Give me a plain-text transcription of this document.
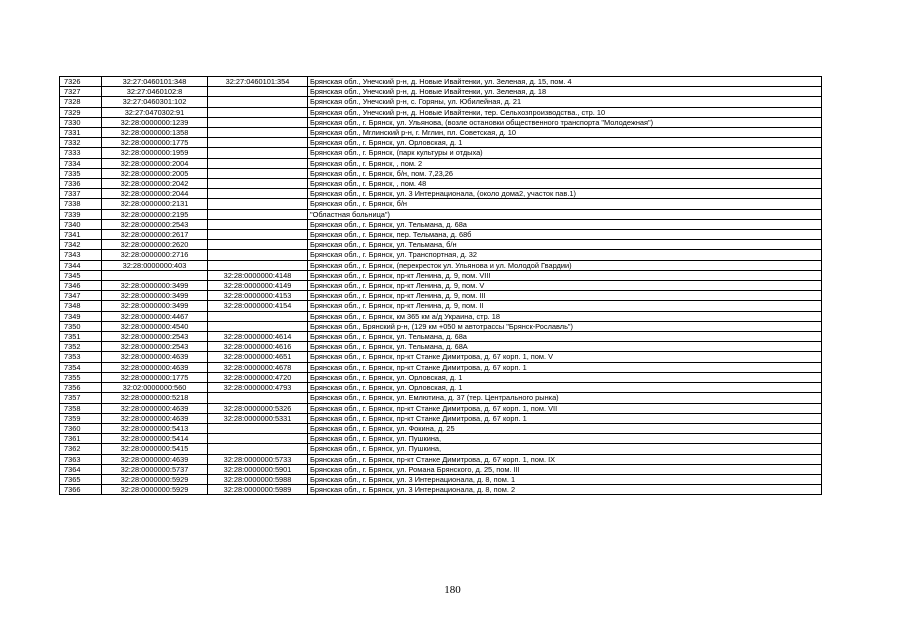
7326	32:27:0460101:348	32:27:0460101:354	Брянская обл., Унечский р-н, д. Новые Ивайтенки, ул. Зеленая, д. 15, пом. 4
7327	32:27:0460102:8		Брянская обл., Унечский р-н, д. Новые Ивайтенки, ул. Зеленая, д. 18
7328	32:27:0460301:102		Брянская обл., Унечский р-н, с. Горяны, ул. Юбилейная, д. 21
7329	32:27:0470302:91		Брянская обл., Унечский р-н, д. Новые Ивайтенки, тер. Сельхозпроизводства., стр. 10
7330	32:28:0000000:1239		Брянская обл., г. Брянск, ул. Ульянова, (возле остановки общественного транспорта "Молодежная")
7331	32:28:0000000:1358		Брянская обл., Мглинский р-н, г. Мглин, пл. Советская, д. 10
7332	32:28:0000000:1775		Брянская обл., г. Брянск, ул. Орловская, д. 1
7333	32:28:0000000:1959		Брянская обл., г. Брянск, (парк культуры и отдыха)
7334	32:28:0000000:2004		Брянская обл., г. Брянск, , пом. 2
7335	32:28:0000000:2005		Брянская обл., г. Брянск, б/н, пом. 7,23,26
7336	32:28:0000000:2042		Брянская обл., г. Брянск, , пом. 48
7337	32:28:0000000:2044		Брянская обл., г. Брянск, ул. 3 Интернационала, (около дома2, участок пав.1)
7338	32:28:0000000:2131		Брянская обл., г. Брянск, б/н
7339	32:28:0000000:2195		"Областная больница")
7340	32:28:0000000:2543		Брянская обл., г. Брянск, ул. Тельмана, д. 68а
7341	32:28:0000000:2617		Брянская обл., г. Брянск, пер. Тельмана, д. 68б
7342	32:28:0000000:2620		Брянская обл., г. Брянск, ул. Тельмана, б/н
7343	32:28:0000000:2716		Брянская обл., г. Брянск, ул. Транспортная, д. 32
7344	32:28:0000000:403		Брянская обл., г. Брянск, (перекресток ул. Ульянова и ул. Молодой Гвардии)
7345		32:28:0000000:4148	Брянская обл., г. Брянск, пр-кт Ленина, д. 9, пом. VIII
7346	32:28:0000000:3499	32:28:0000000:4149	Брянская обл., г. Брянск, пр-кт Ленина, д. 9, пом. V
7347	32:28:0000000:3499	32:28:0000000:4153	Брянская обл., г. Брянск, пр-кт Ленина, д. 9, пом. III
7348	32:28:0000000:3499	32:28:0000000:4154	Брянская обл., г. Брянск, пр-кт Ленина, д. 9, пом. II
7349	32:28:0000000:4467		Брянская обл., г. Брянск, км 365 км а/д Украина, стр. 18
7350	32:28:0000000:4540		Брянская обл., Брянский р-н, (129 км +050 м автотрассы "Брянск-Рославль")
7351	32:28:0000000:2543	32:28:0000000:4614	Брянская обл., г. Брянск, ул. Тельмана, д. 68а
7352	32:28:0000000:2543	32:28:0000000:4616	Брянская обл., г. Брянск, ул. Тельмана, д. 68А
7353	32:28:0000000:4639	32:28:0000000:4651	Брянская обл., г. Брянск, пр-кт Станке Димитрова, д. 67 корп. 1, пом. V
7354	32:28:0000000:4639	32:28:0000000:4678	Брянская обл., г. Брянск, пр-кт Станке Димитрова, д. 67 корп. 1
7355	32:28:0000000:1775	32:28:0000000:4720	Брянская обл., г. Брянск, ул. Орловская, д. 1
7356	32:02:0000000:560	32:28:0000000:4793	Брянская обл., г. Брянск, ул. Орловская, д. 1
7357	32:28:0000000:5218		Брянская обл., г. Брянск, ул. Емлютина, д. 37 (тер. Центрального рынка)
7358	32:28:0000000:4639	32:28:0000000:5326	Брянская обл., г. Брянск, пр-кт Станке Димитрова, д. 67 корп. 1, пом. VII
7359	32:28:0000000:4639	32:28:0000000:5331	Брянская обл., г. Брянск, пр-кт Станке Димитрова, д. 67 корп. 1
7360	32:28:0000000:5413		Брянская обл., г. Брянск, ул. Фокина, д. 25
7361	32:28:0000000:5414		Брянская обл., г. Брянск, ул. Пушкина,
7362	32:28:0000000:5415		Брянская обл., г. Брянск, ул. Пушкина,
7363	32:28:0000000:4639	32:28:0000000:5733	Брянская обл., г. Брянск, пр-кт Станке Димитрова, д. 67 корп. 1, пом. IX
7364	32:28:0000000:5737	32:28:0000000:5901	Брянская обл., г. Брянск, ул. Романа Брянского, д. 25, пом. III
7365	32:28:0000000:5929	32:28:0000000:5988	Брянская обл., г. Брянск, ул. 3 Интернационала, д. 8, пом. 1
7366	32:28:0000000:5929	32:28:0000000:5989	Брянская обл., г. Брянск, ул. 3 Интернационала, д. 8, пом. 2
180
